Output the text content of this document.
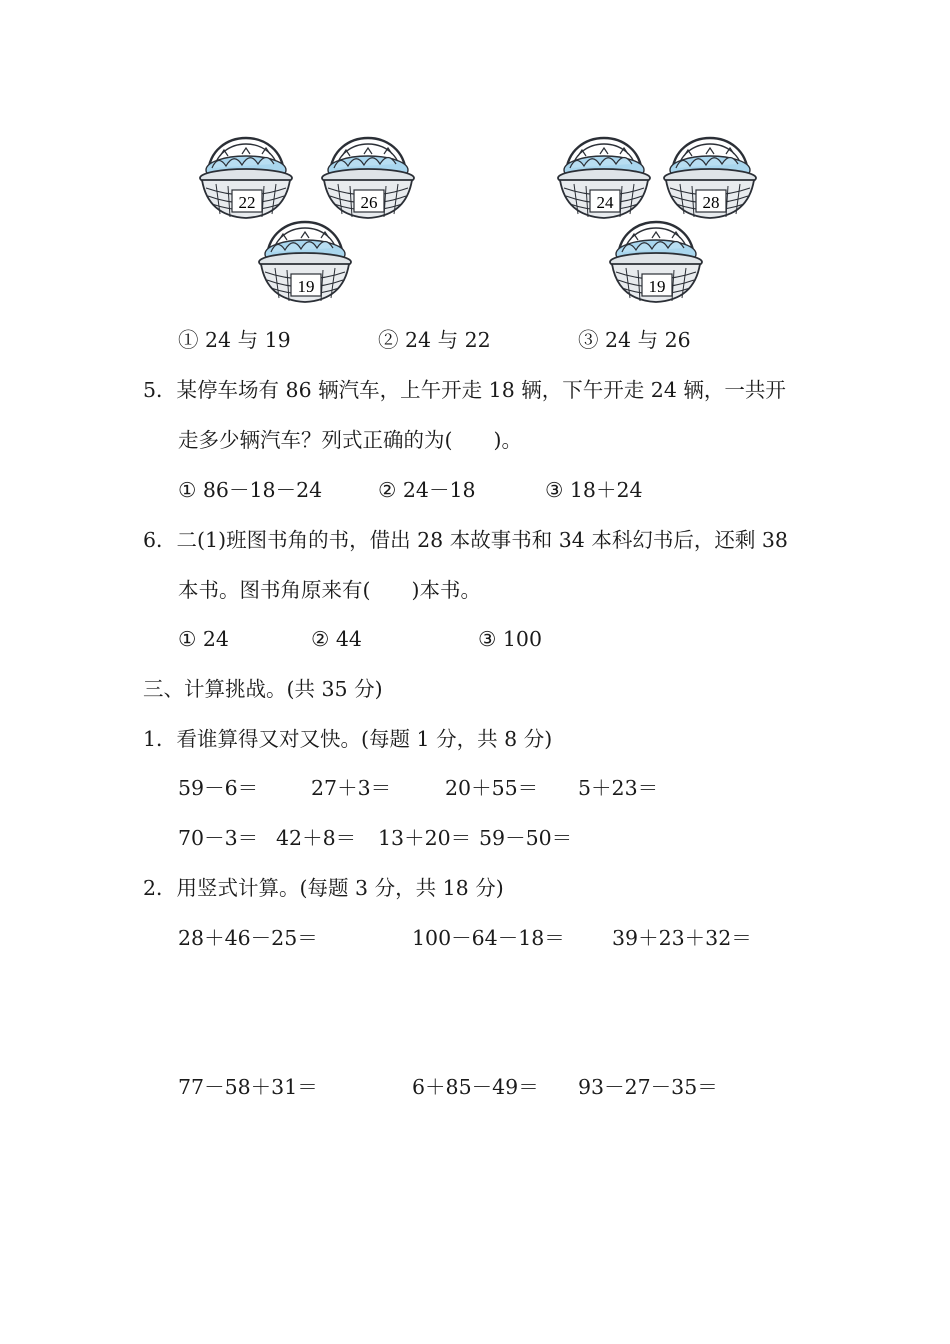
22	26
19
24	28
19
① 24 与 19	② 24 与 22	③ 24 与 26
5．某停车场有 86 辆汽车，上午开走 18 辆，下午开走 24 辆，一共开
走多少辆汽车？列式正确的为(　　)。
① 86－18－24	② 24－18	③ 18＋24
6．二(1)班图书角的书，借出 28 本故事书和 34 本科幻书后，还剩 38
本书。图书角原来有(　　)本书。
① 24	② 44	③ 100
三、计算挑战。(共 35 分)
1．看谁算得又对又快。(每题 1 分，共 8 分)
59－6＝	27＋3＝	20＋55＝ 5＋23＝
70－3＝ 42＋8＝ 13＋20＝ 59－50＝
2．用竖式计算。(每题 3 分，共 18 分)
28＋46－25＝	100－64－18＝ 39＋23＋32＝
77－58＋31＝	6＋85－49＝ 93－27－35＝
